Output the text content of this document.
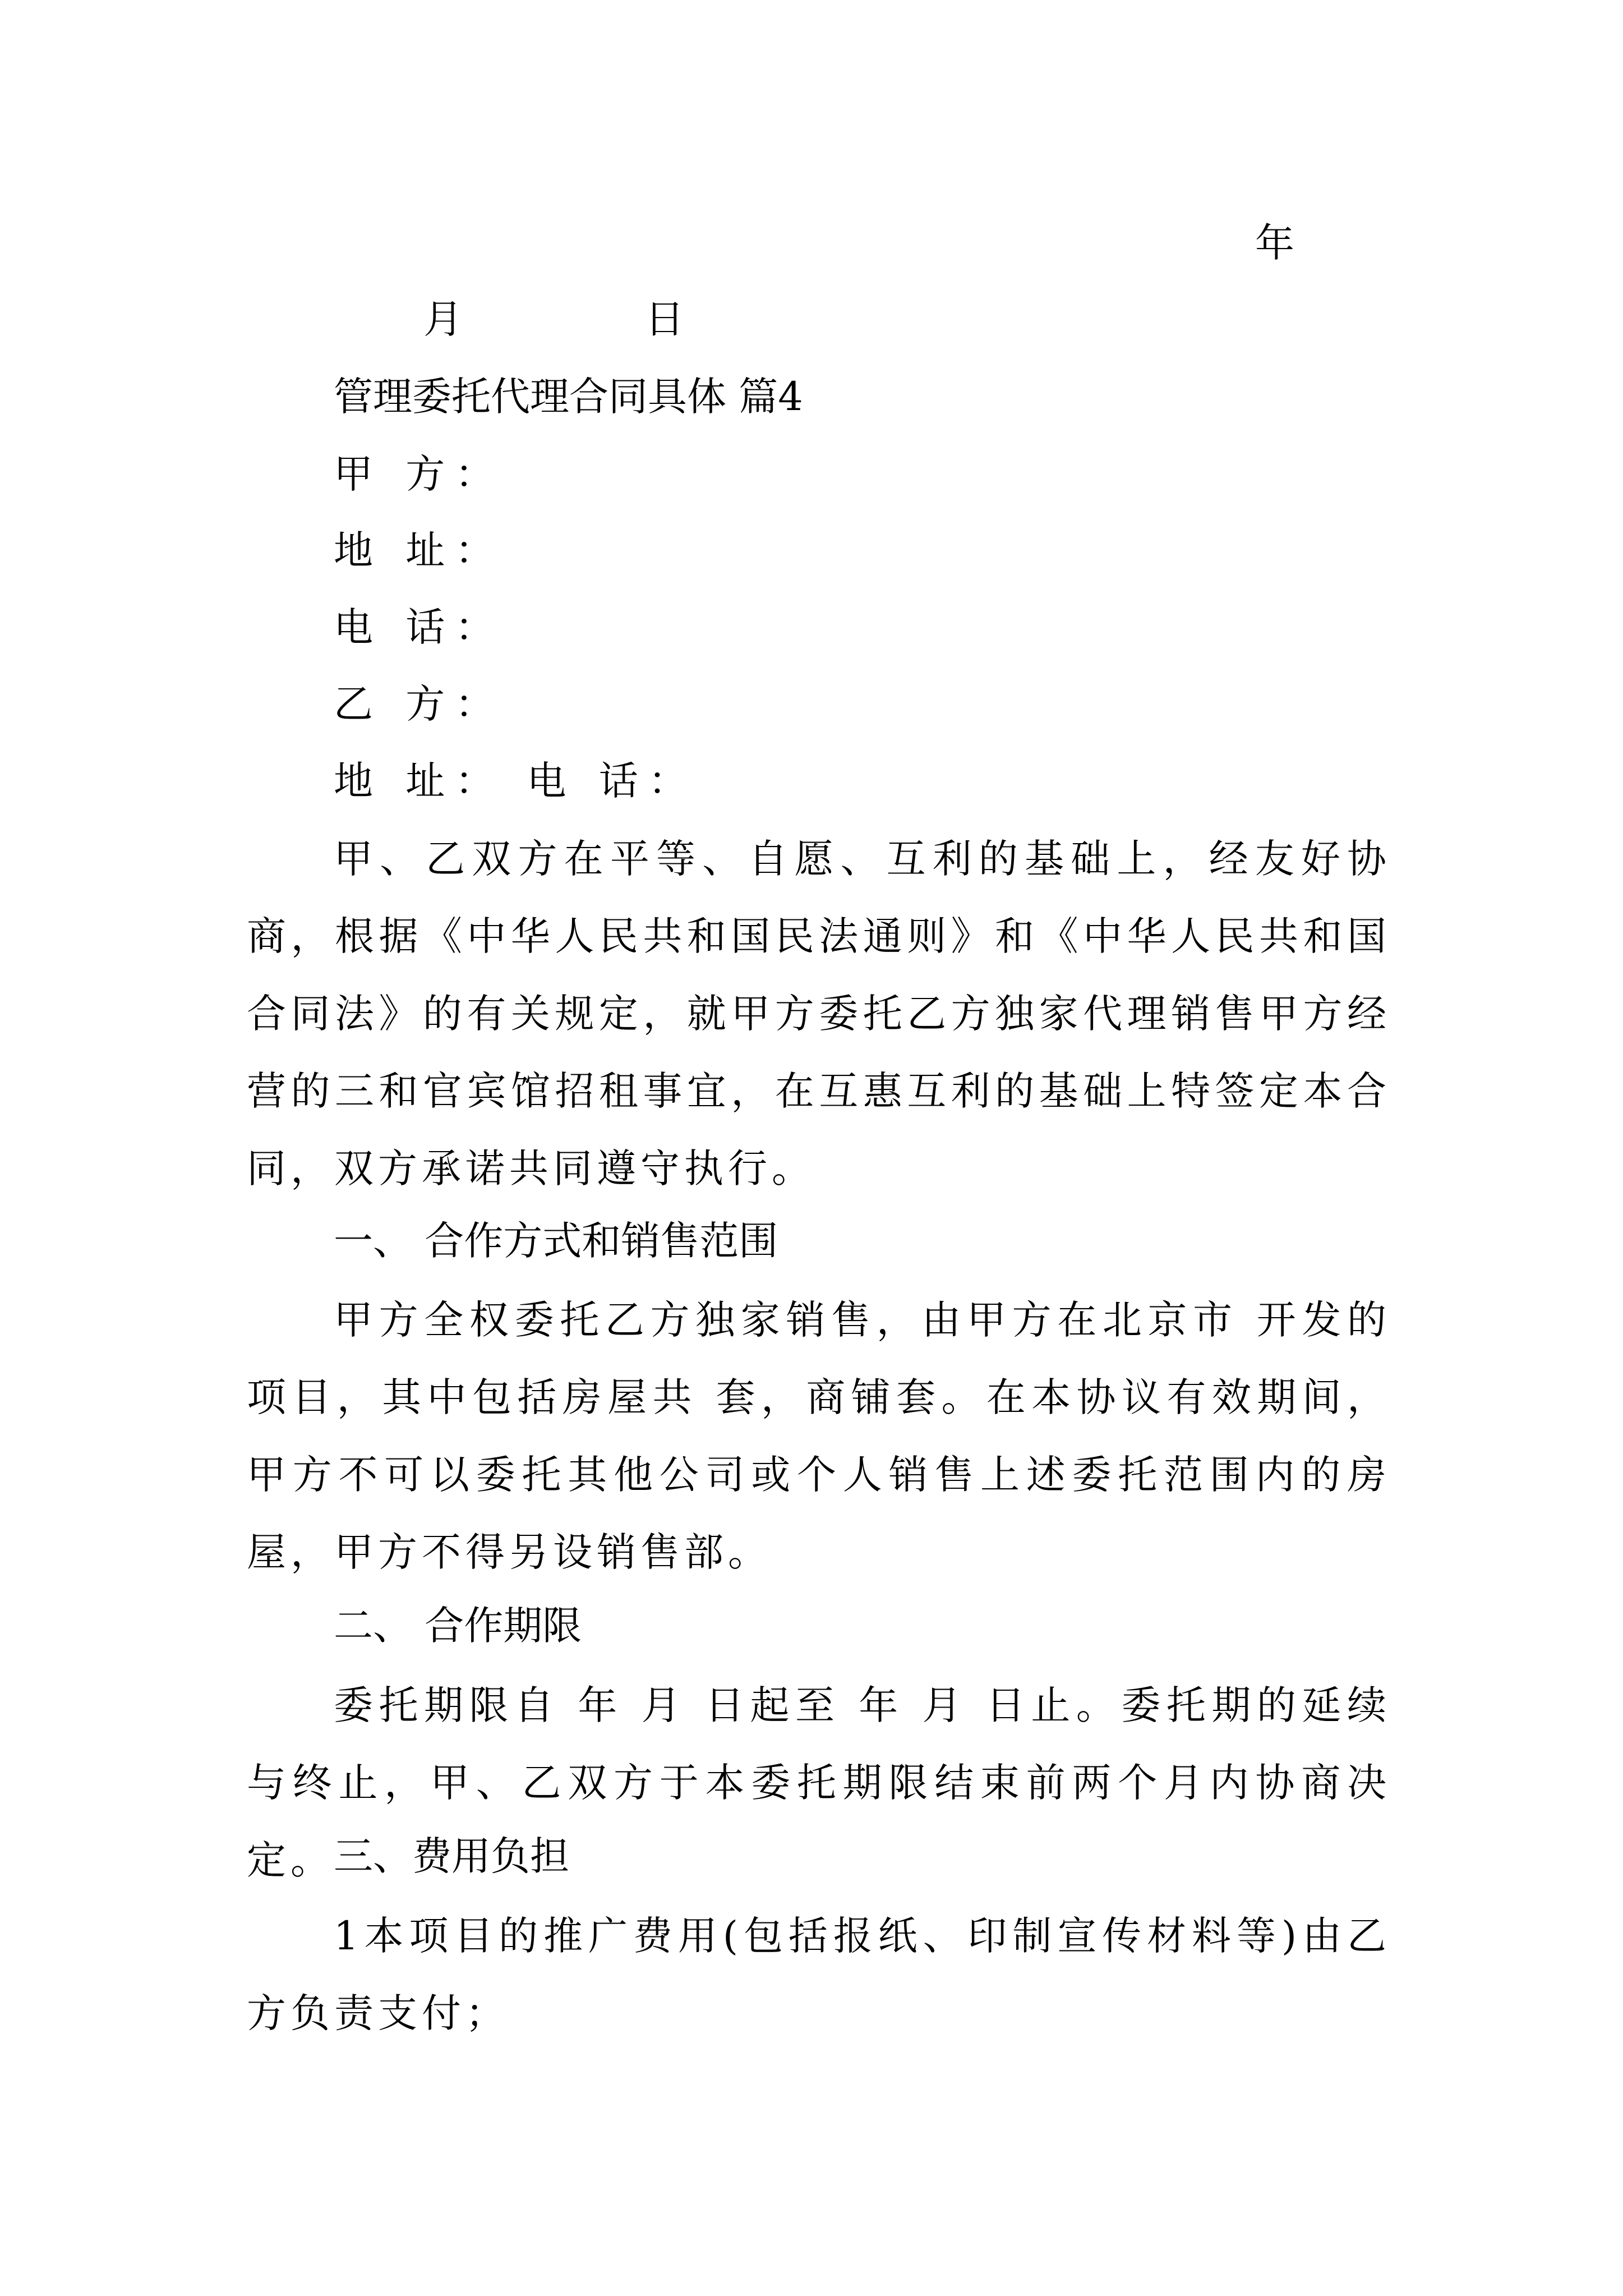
年
月	日
管理委托代理合同具体 篇4
甲 方：
地 址：
电 话：
乙 方：
地 址： 电 话：
甲、乙双方在平等、自愿、互利的基础上，经友好协商，根据《中华人民共和国民法通则》和《中华人民共和国合同法》的有关规定，就甲方委托乙方独家代理销售甲方经营的三和官宾馆招租事宜，在互惠互利的基础上特签定本合同，双方承诺共同遵守执行。
一、 合作方式和销售范围
甲方全权委托乙方独家销售，由甲方在北京市 开发的项目，其中包括房屋共 套，商铺套。在本协议有效期间，甲方不可以委托其他公司或个人销售上述委托范围内的房屋，甲方不得另设销售部。
二、 合作期限
委托期限自 年 月 日起至 年 月 日止。委托期的延续与终止，甲、乙双方于本委托期限结束前两个月内协商决定。 三、费用负担
1本项目的推广费用(包括报纸、印制宣传材料等)由乙方负责支付；
